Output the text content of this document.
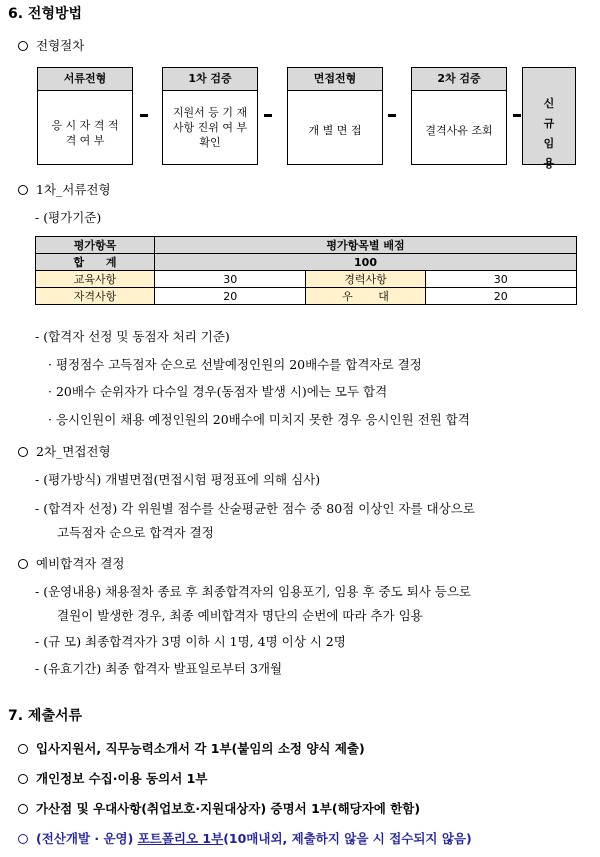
6. 전형방법
전형절차
서류전형
응 시 자 격 적 격 여 부
1차 검증
지원서 등 기 재사항 진위 여 부 확인
면접전형
개 별 면 접
2차 검증
결격사유 조회
신 규 임 용
1차_서류전형
- (평가기준)
평가항목	평가항목별 배점		
합 계	100		
교육사항	30	경력사항	30
자격사항	20	우 대	20
- (합격자 선정 및 동점자 처리 기준)
· 평정점수 고득점자 순으로 선발예정인원의 20배수를 합격자로 결정
· 20배수 순위자가 다수일 경우(동점자 발생 시)에는 모두 합격
· 응시인원이 채용 예정인원의 20배수에 미치지 못한 경우 응시인원 전원 합격
2차_면접전형
- (평가방식) 개별면접(면접시험 평정표에 의해 심사)
- (합격자 선정) 각 위원별 점수를 산술평균한 점수 중 80점 이상인 자를 대상으로
고득점자 순으로 합격자 결정
예비합격자 결정
- (운영내용) 채용절차 종료 후 최종합격자의 임용포기, 임용 후 중도 퇴사 등으로
결원이 발생한 경우, 최종 예비합격자 명단의 순번에 따라 추가 임용
- (규 모) 최종합격자가 3명 이하 시 1명, 4명 이상 시 2명
- (유효기간) 최종 합격자 발표일로부터 3개월
7. 제출서류
입사지원서, 직무능력소개서 각 1부(붙임의 소정 양식 제출)
개인정보 수집·이용 동의서 1부
가산점 및 우대사항(취업보호·지원대상자) 증명서 1부(해당자에 한함)
(전산개발 · 운영) 포트폴리오 1부(10매내외, 제출하지 않을 시 접수되지 않음)
